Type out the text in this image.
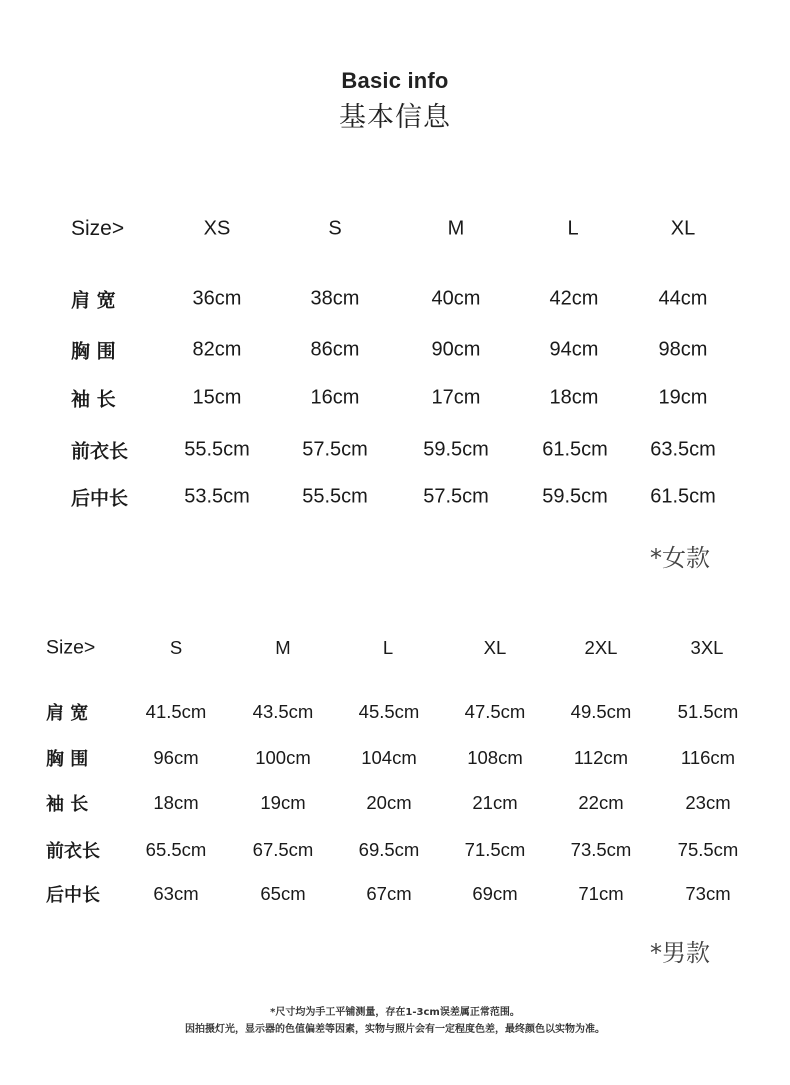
Basic info
基本信息
Size>	XS	S	M	L	XL
肩 宽	36cm	38cm	40cm	42cm	44cm
胸 围	82cm	86cm	90cm	94cm	98cm
袖 长	15cm	16cm	17cm	18cm	19cm
前衣长	55.5cm	57.5cm	59.5cm	61.5cm 63.5cm
后中长	53.5cm	55.5cm	57.5cm	59.5cm 61.5cm
*女款
Size>	S	M	L	XL	2XL	3XL
肩 宽	41.5cm	43.5cm 45.5cm 47.5cm 49.5cm	51.5cm
胸 围	96cm	100cm	104cm	108cm	112cm	116cm
袖 长	18cm	19cm	20cm	21cm	22cm	23cm
前衣长 65.5cm	67.5cm 69.5cm 71.5cm 73.5cm	75.5cm
后中长	63cm	65cm	67cm	69cm	71cm	73cm
*男款
*尺寸均为手工平铺测量，存在1-3cm误差属正常范围。
因拍摄灯光，显示器的色值偏差等因素，实物与照片会有一定程度色差，最终颜色以实物为准。
